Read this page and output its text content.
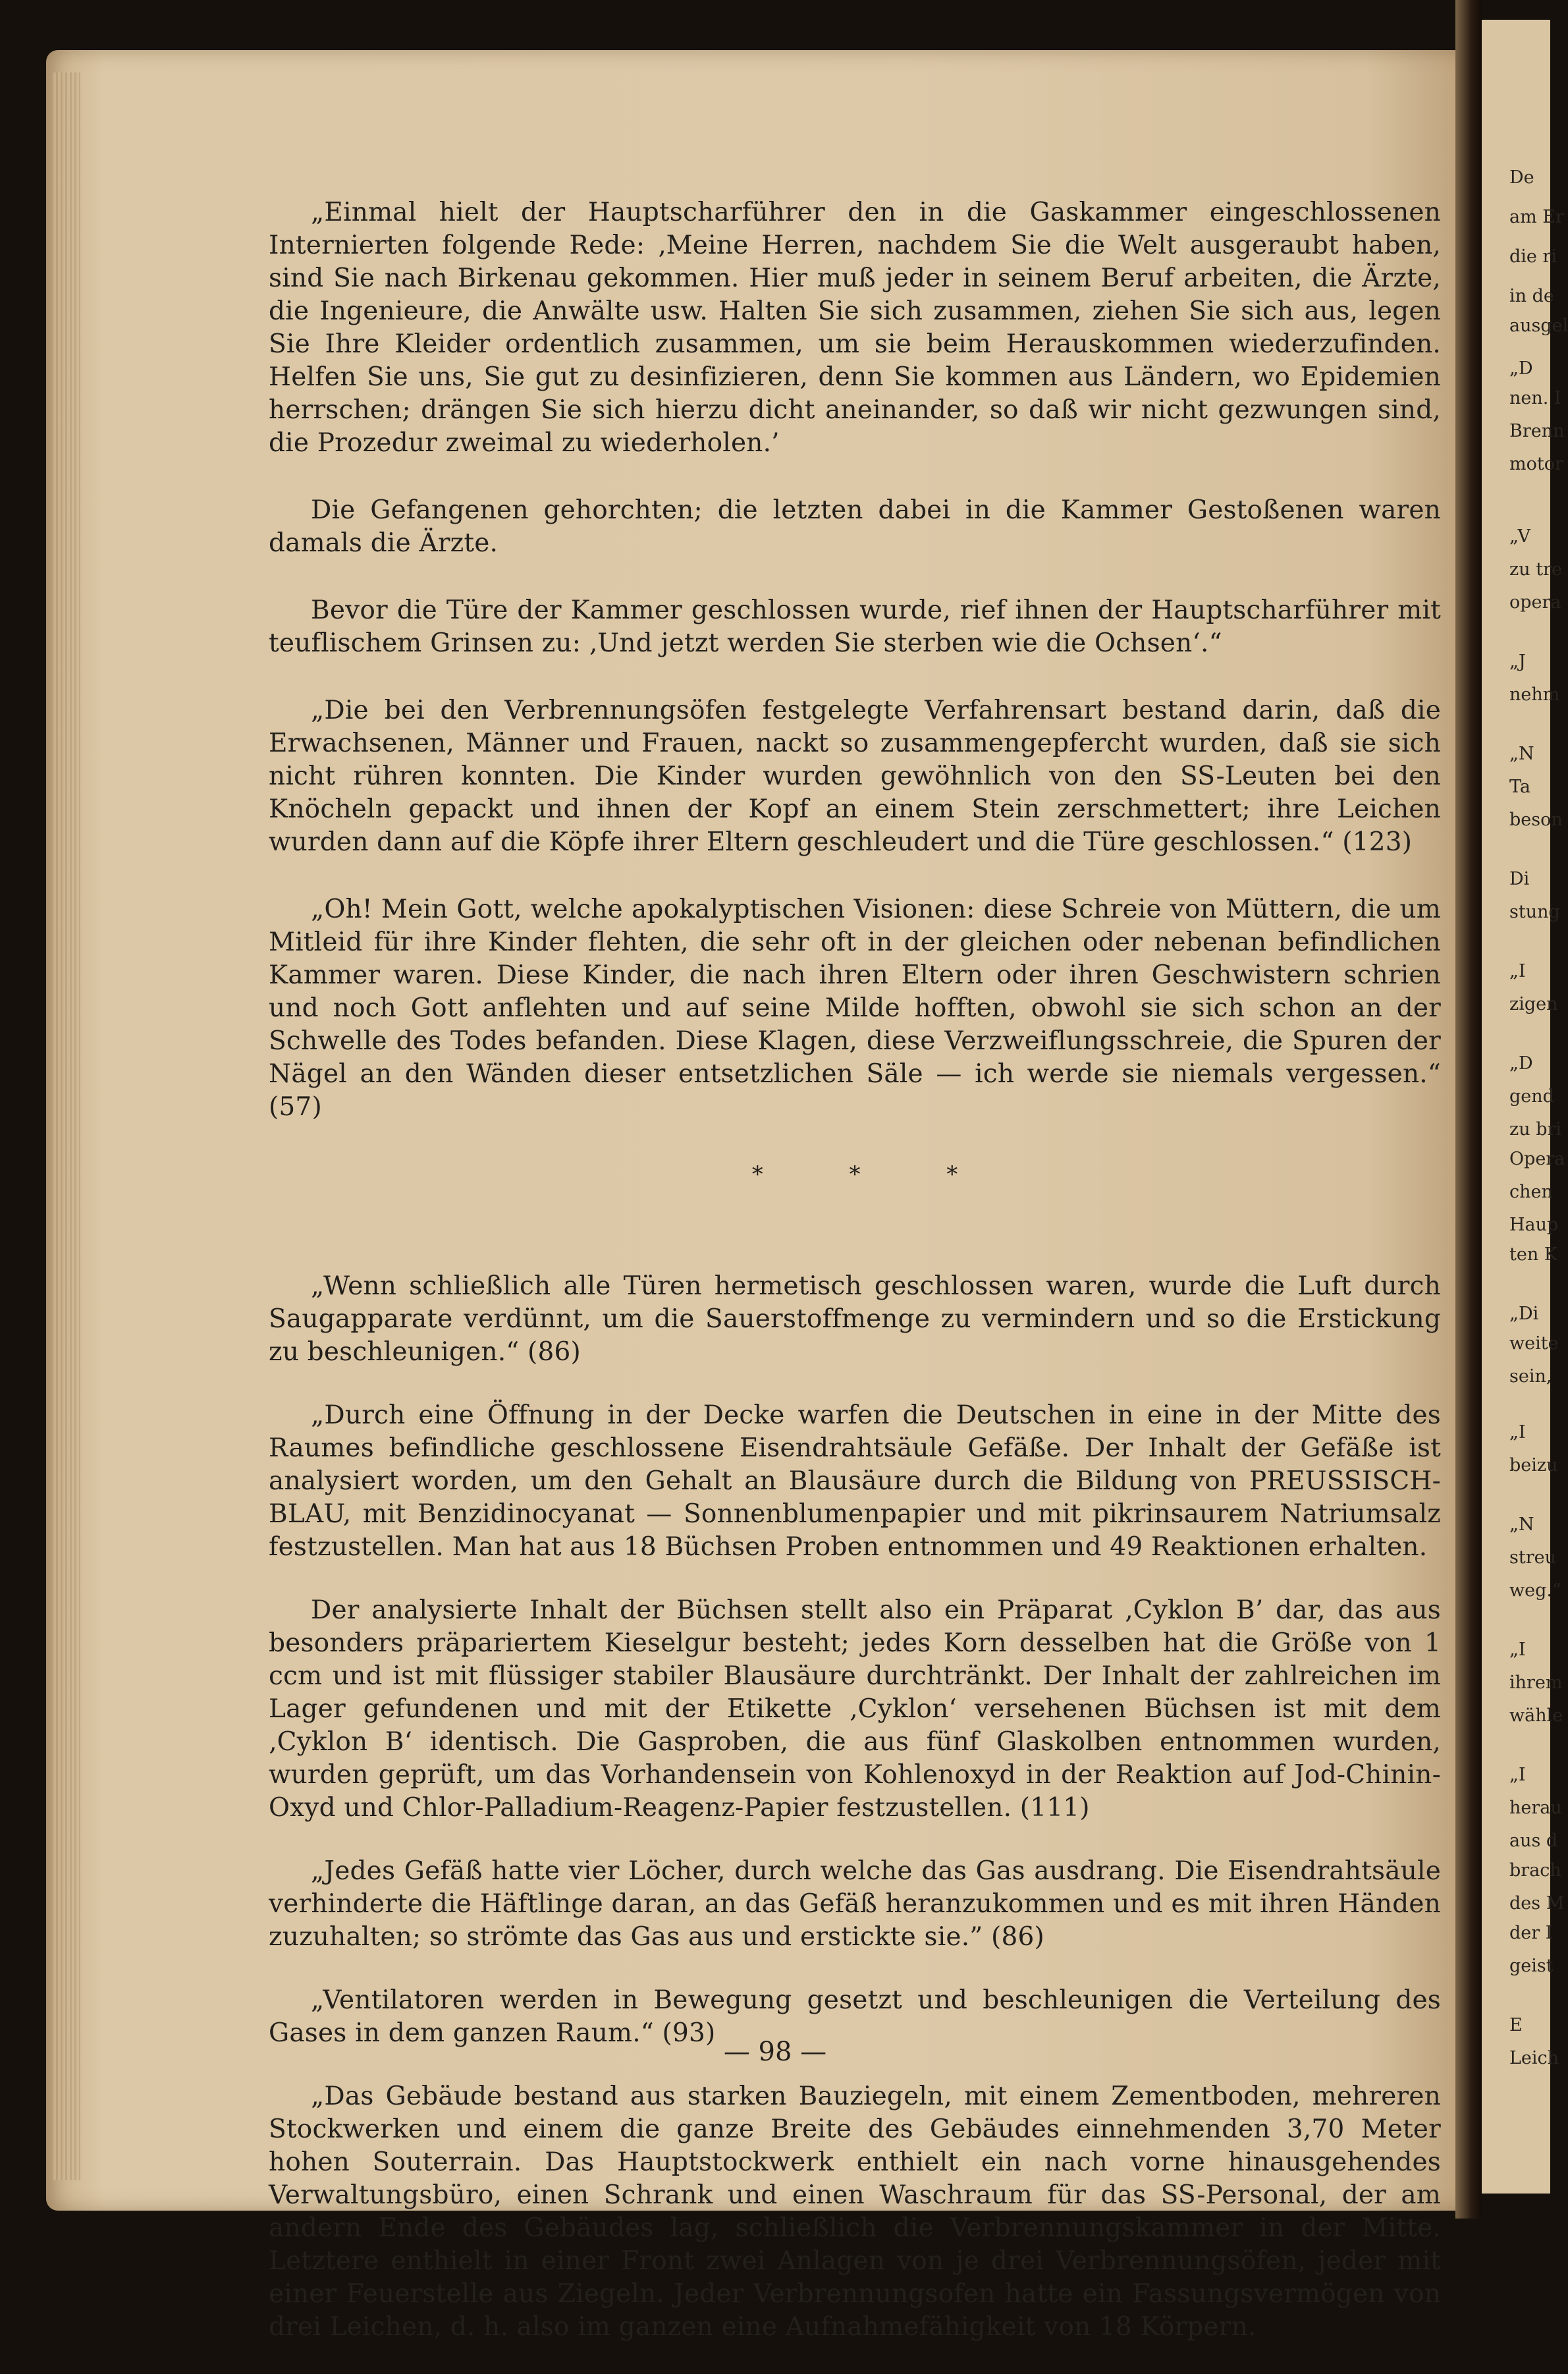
De
am Er
die ri
in de
ausgel
„D
nen. I
Brenn
motor
„V
zu tre
opera
„J
nehm
„N
Ta
beson
Di
stung
„I
zigen
„D
gend
zu bri
Opera
chen
Haup
ten K
„Di
weite
sein,
„I
beizu
„N
streu
weg.“
„I
ihrem
wähle
„I
herau
aus d
brach
des M
der I
geist
E
Leich

„Einmal hielt der Hauptscharführer den in die Gaskammer eingeschlossenen Internierten folgende Rede: ‚Meine Herren, nachdem Sie die Welt ausgeraubt haben, sind Sie nach Birkenau gekommen. Hier muß jeder in seinem Beruf arbeiten, die Ärzte, die Ingenieure, die Anwälte usw. Halten Sie sich zusammen, ziehen Sie sich aus, legen Sie Ihre Kleider ordentlich zusammen, um sie beim Herauskommen wiederzufinden. Helfen Sie uns, Sie gut zu desinfizieren, denn Sie kommen aus Ländern, wo Epidemien herrschen; drängen Sie sich hierzu dicht aneinander, so daß wir nicht gezwungen sind, die Prozedur zweimal zu wiederholen.’

Die Gefangenen gehorchten; die letzten dabei in die Kammer Gestoßenen waren damals die Ärzte.

Bevor die Türe der Kammer geschlossen wurde, rief ihnen der Hauptscharführer mit teuflischem Grinsen zu: ‚Und jetzt werden Sie sterben wie die Ochsen‘.“

„Die bei den Verbrennungsöfen festgelegte Verfahrensart bestand darin, daß die Erwachsenen, Männer und Frauen, nackt so zusammengepfercht wurden, daß sie sich nicht rühren konnten. Die Kinder wurden gewöhnlich von den SS-Leuten bei den Knöcheln gepackt und ihnen der Kopf an einem Stein zerschmettert; ihre Leichen wurden dann auf die Köpfe ihrer Eltern geschleudert und die Türe geschlossen.“ (123)

„Oh! Mein Gott, welche apokalyptischen Visionen: diese Schreie von Müttern, die um Mitleid für ihre Kinder flehten, die sehr oft in der gleichen oder nebenan befindlichen Kammer waren. Diese Kinder, die nach ihren Eltern oder ihren Geschwistern schrien und noch Gott anflehten und auf seine Milde hofften, obwohl sie sich schon an der Schwelle des Todes befanden. Diese Klagen, diese Verzweiflungsschreie, die Spuren der Nägel an den Wänden dieser entsetzlichen Säle — ich werde sie niemals vergessen.“ (57)

* * *

„Wenn schließlich alle Türen hermetisch geschlossen waren, wurde die Luft durch Saugapparate verdünnt, um die Sauerstoffmenge zu vermindern und so die Erstickung zu beschleunigen.“ (86)

„Durch eine Öffnung in der Decke warfen die Deutschen in eine in der Mitte des Raumes befindliche geschlossene Eisendrahtsäule Gefäße. Der Inhalt der Gefäße ist analysiert worden, um den Gehalt an Blausäure durch die Bildung von PREUSSISCH-BLAU, mit Benzidinocyanat — Sonnenblumenpapier und mit pikrinsaurem Natriumsalz festzustellen. Man hat aus 18 Büchsen Proben entnommen und 49 Reaktionen erhalten.

Der analysierte Inhalt der Büchsen stellt also ein Präparat ‚Cyklon B’ dar, das aus besonders präpariertem Kieselgur besteht; jedes Korn desselben hat die Größe von 1 ccm und ist mit flüssiger stabiler Blausäure durchtränkt. Der Inhalt der zahlreichen im Lager gefundenen und mit der Etikette ‚Cyklon‘ versehenen Büchsen ist mit dem ‚Cyklon B‘ identisch. Die Gasproben, die aus fünf Glaskolben entnommen wurden, wurden geprüft, um das Vorhandensein von Kohlenoxyd in der Reaktion auf Jod-Chinin-Oxyd und Chlor-Palladium-Reagenz-Papier festzustellen. (111)

„Jedes Gefäß hatte vier Löcher, durch welche das Gas ausdrang. Die Eisendrahtsäule verhinderte die Häftlinge daran, an das Gefäß heranzukommen und es mit ihren Händen zuzuhalten; so strömte das Gas aus und erstickte sie.” (86)

„Ventilatoren werden in Bewegung gesetzt und beschleunigen die Verteilung des Gases in dem ganzen Raum.“ (93)

„Das Gebäude bestand aus starken Bauziegeln, mit einem Zementboden, mehreren Stockwerken und einem die ganze Breite des Gebäudes einnehmenden 3,70 Meter hohen Souterrain. Das Hauptstockwerk enthielt ein nach vorne hinausgehendes Verwaltungsbüro, einen Schrank und einen Waschraum für das SS-Personal, der am andern Ende des Gebäudes lag, schließlich die Verbrennungskammer in der Mitte. Letztere enthielt in einer Front zwei Anlagen von je drei Verbrennungsöfen, jeder mit einer Feuerstelle aus Ziegeln. Jeder Verbrennungsofen hatte ein Fassungsvermögen von drei Leichen, d. h. also im ganzen eine Aufnahmefähigkeit von 18 Körpern.

— 98 —
